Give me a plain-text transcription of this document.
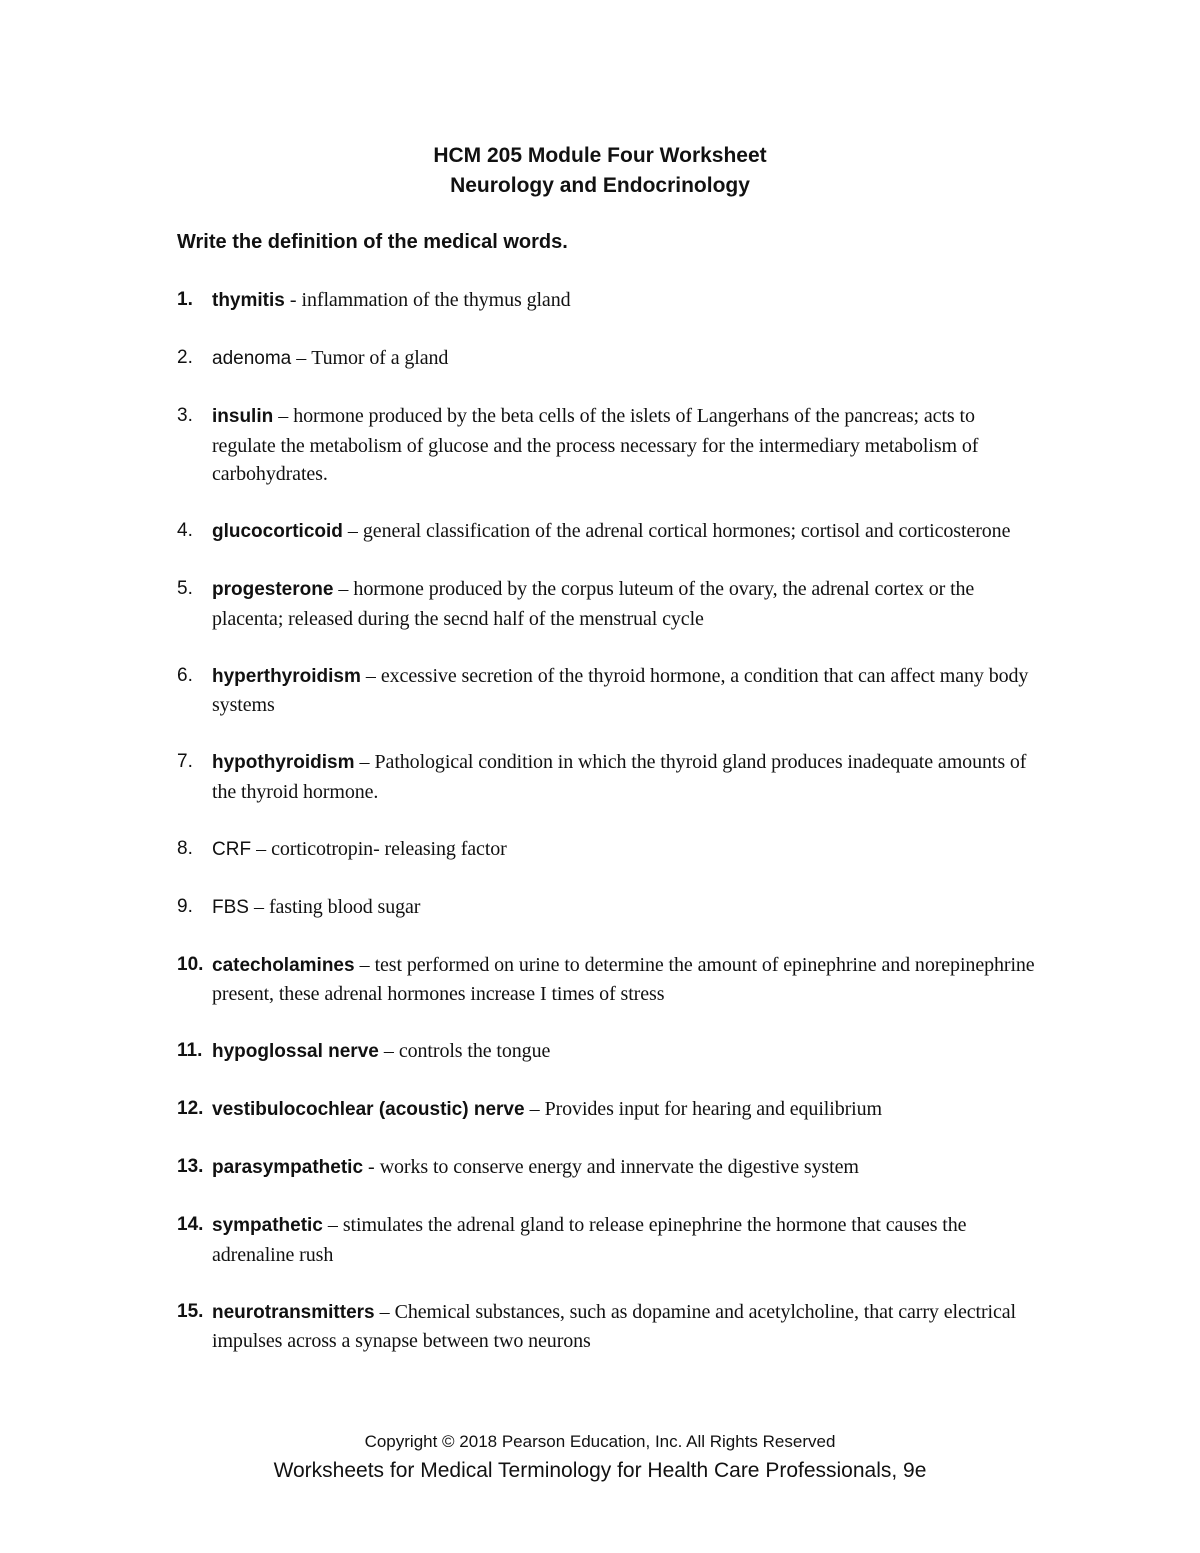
HCM 205 Module Four Worksheet
Neurology and Endocrinology
Write the definition of the medical words.
1. thymitis - inflammation of the thymus gland
2. adenoma – Tumor of a gland
3. insulin – hormone produced by the beta cells of the islets of Langerhans of the pancreas; acts to regulate the metabolism of glucose and the process necessary for the intermediary metabolism of carbohydrates.
4. glucocorticoid – general classification of the adrenal cortical hormones; cortisol and corticosterone
5. progesterone – hormone produced by the corpus luteum of the ovary, the adrenal cortex or the placenta; released during the secnd half of the menstrual cycle
6. hyperthyroidism – excessive secretion of the thyroid hormone, a condition that can affect many body systems
7. hypothyroidism – Pathological condition in which the thyroid gland produces inadequate amounts of the thyroid hormone.
8. CRF – corticotropin- releasing factor
9. FBS – fasting blood sugar
10. catecholamines – test performed on urine to determine the amount of epinephrine and norepinephrine present, these adrenal hormones increase I times of stress
11. hypoglossal nerve – controls the tongue
12. vestibulocochlear (acoustic) nerve – Provides input for hearing and equilibrium
13. parasympathetic - works to conserve energy and innervate the digestive system
14. sympathetic – stimulates the adrenal gland to release epinephrine the hormone that causes the adrenaline rush
15. neurotransmitters – Chemical substances, such as dopamine and acetylcholine, that carry electrical impulses across a synapse between two neurons
Copyright © 2018 Pearson Education, Inc. All Rights Reserved
Worksheets for Medical Terminology for Health Care Professionals, 9e
